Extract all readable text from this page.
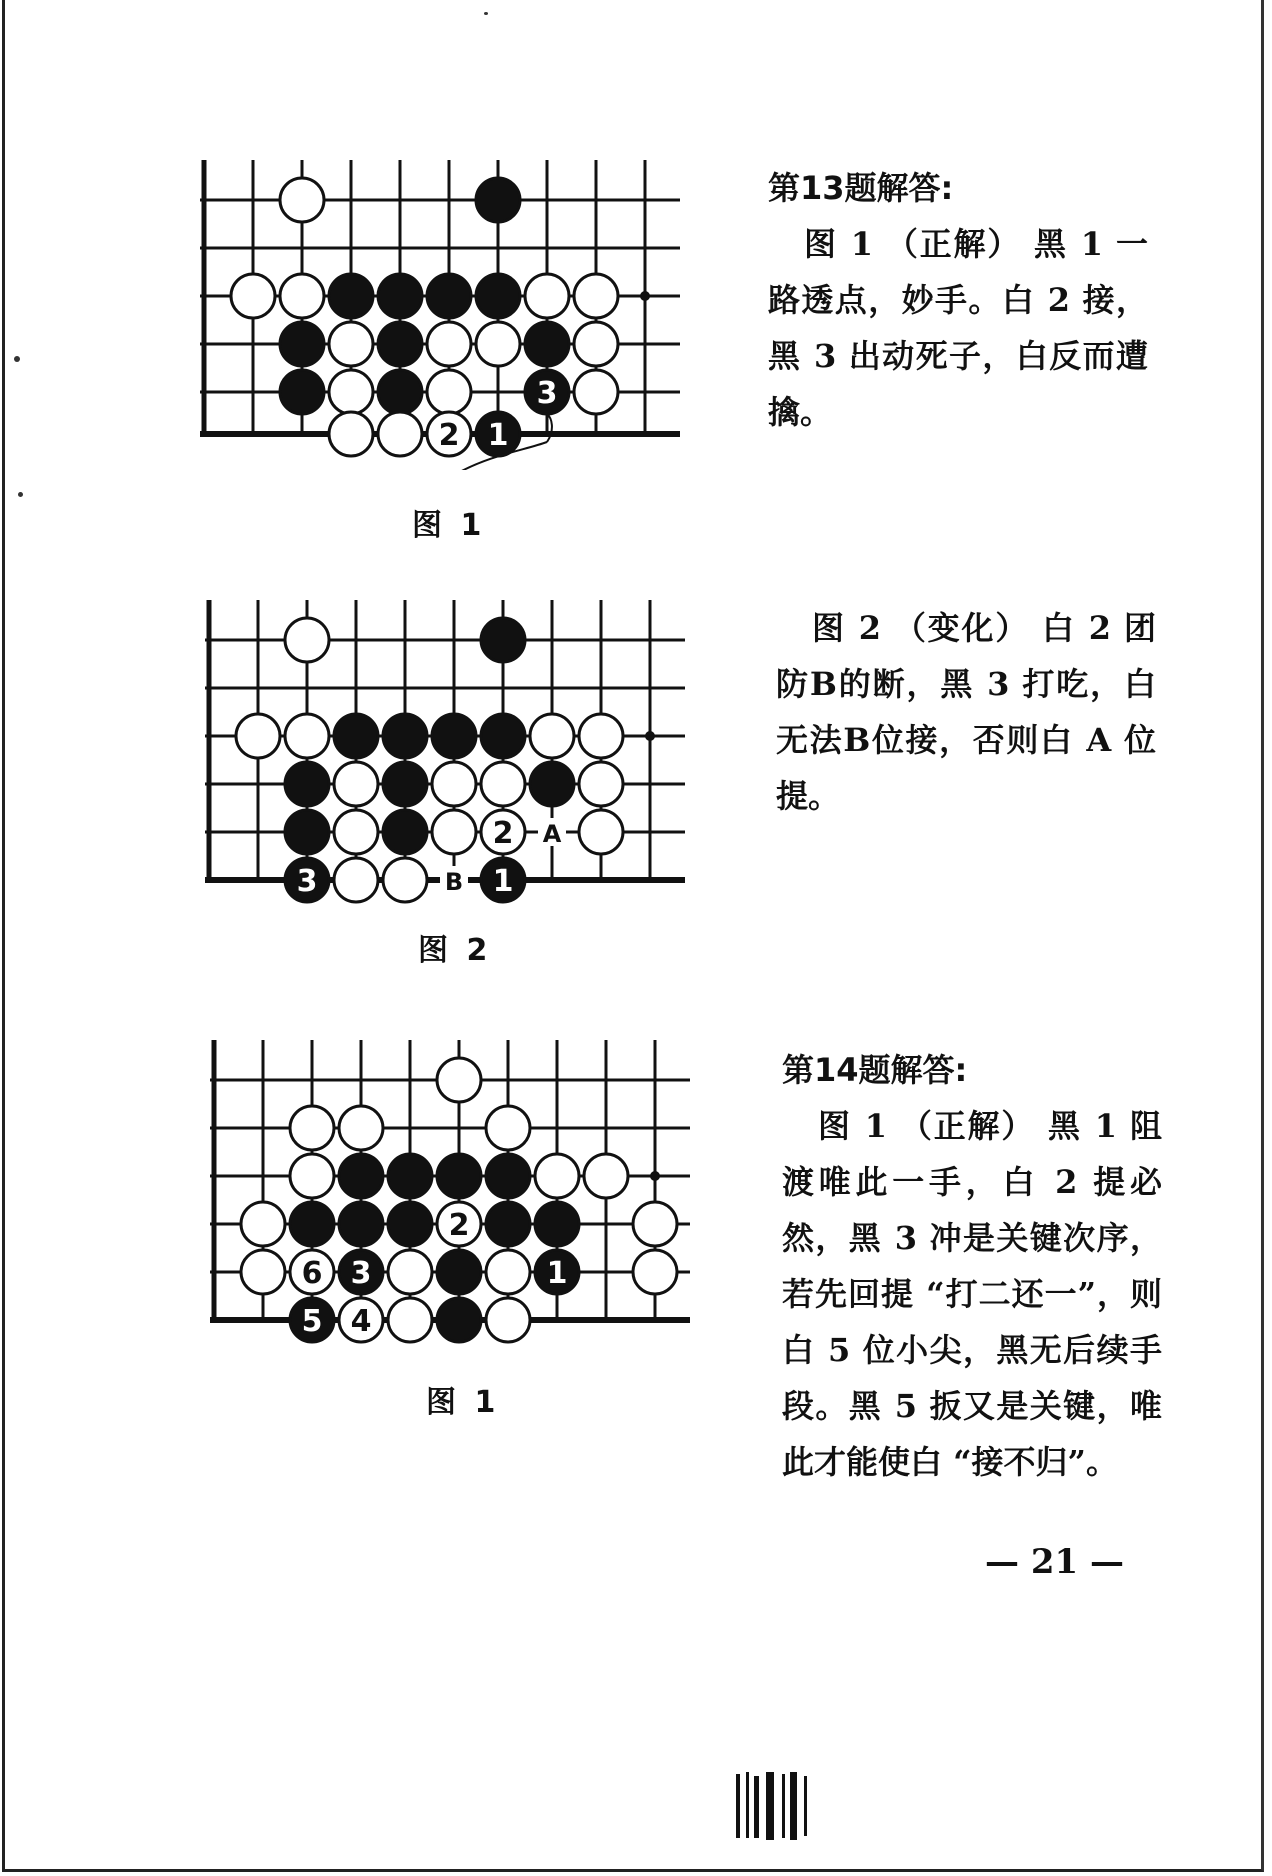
2 1
3
图 1
第13题解答:
图 1 （正解） 黑 1 一路透点，妙手。白 2 接，黑 3 出动死子，白反而遭擒。
2 A
3	B 1
图 2
图 2 （变化） 白 2 团防B的断，黑 3 打吃，白无法B位接，否则白 A 位提。
2
6 3	1
5 4
图 1
第14题解答:
图 1 （正解） 黑 1 阻渡唯此一手，白 2 提必然，黑 3 冲是关键次序，若先回提 “打二还一”，则白 5 位小尖，黑无后续手段。黑 5 扳又是关键，唯此才能使白 “接不归”。
— 21 —
